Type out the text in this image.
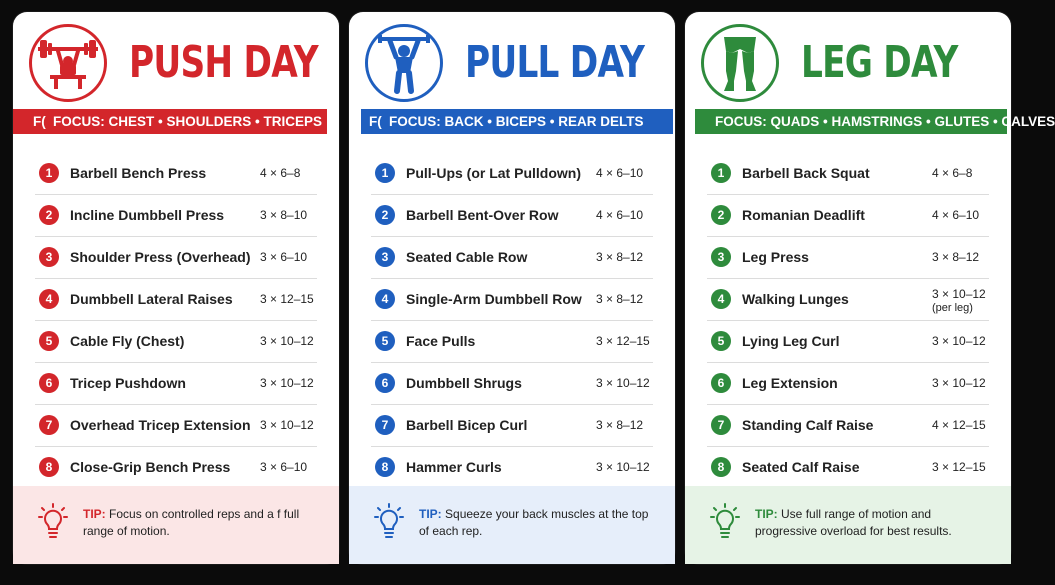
PUSH DAY
F( FOCUS: CHEST • SHOULDERS • TRICEPS
1	Barbell Bench Press	4 × 6–8
2	Incline Dumbbell Press	3 × 8–10
3	Shoulder Press (Overhead) 3 × 6–10
4	Dumbbell Lateral Raises 3 × 12–15
5	Cable Fly (Chest)	3 × 10–12
6	Tricep Pushdown	3 × 10–12
7	Overhead Tricep Extension 3 × 10–12
8	Close-Grip Bench Press 3 × 6–10
TIP: Focus on controlled reps and a f full range of motion.
PULL DAY
F( FOCUS: BACK • BICEPS • REAR DELTS
1	Pull-Ups (or Lat Pulldown) 4 × 6–10
2	Barbell Bent-Over Row	4 × 6–10
3	Seated Cable Row	3 × 8–12
4	Single-Arm Dumbbell Row 3 × 8–12
5	Face Pulls	3 × 12–15
6	Dumbbell Shrugs	3 × 10–12
7	Barbell Bicep Curl	3 × 8–12
8	Hammer Curls	3 × 10–12
TIP: Squeeze your back muscles at the top of each rep.
LEG DAY
FOCUS: QUADS • HAMSTRINGS • GLUTES • CALVES
1	Barbell Back Squat	4 × 6–8
2	Romanian Deadlift	4 × 6–10
3	Leg Press	3 × 8–12
4	Walking Lunges	3 × 10–12
(per leg)
5	Lying Leg Curl	3 × 10–12
6	Leg Extension	3 × 10–12
7	Standing Calf Raise	4 × 12–15
8	Seated Calf Raise	3 × 12–15
TIP: Use full range of motion and progressive overload for best results.
